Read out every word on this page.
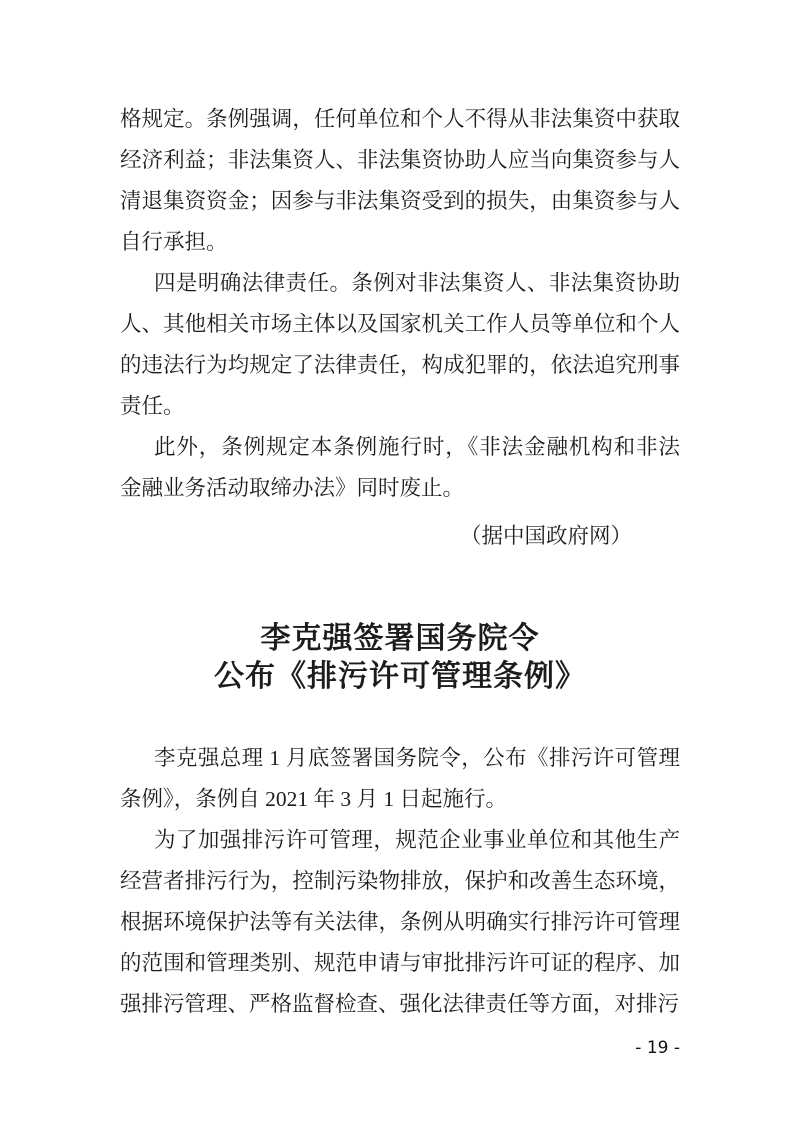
格规定。条例强调，任何单位和个人不得从非法集资中获取经济利益；非法集资人、非法集资协助人应当向集资参与人清退集资资金；因参与非法集资受到的损失，由集资参与人自行承担。

四是明确法律责任。条例对非法集资人、非法集资协助人、其他相关市场主体以及国家机关工作人员等单位和个人的违法行为均规定了法律责任，构成犯罪的，依法追究刑事责任。

此外，条例规定本条例施行时，《非法金融机构和非法金融业务活动取缔办法》同时废止。

（据中国政府网）

李克强签署国务院令
公布《排污许可管理条例》

李克强总理 1 月底签署国务院令，公布《排污许可管理条例》，条例自 2021 年 3 月 1 日起施行。

为了加强排污许可管理，规范企业事业单位和其他生产经营者排污行为，控制污染物排放，保护和改善生态环境，根据环境保护法等有关法律，条例从明确实行排污许可管理的范围和管理类别、规范申请与审批排污许可证的程序、加强排污管理、严格监督检查、强化法律责任等方面，对排污

- 19 -
